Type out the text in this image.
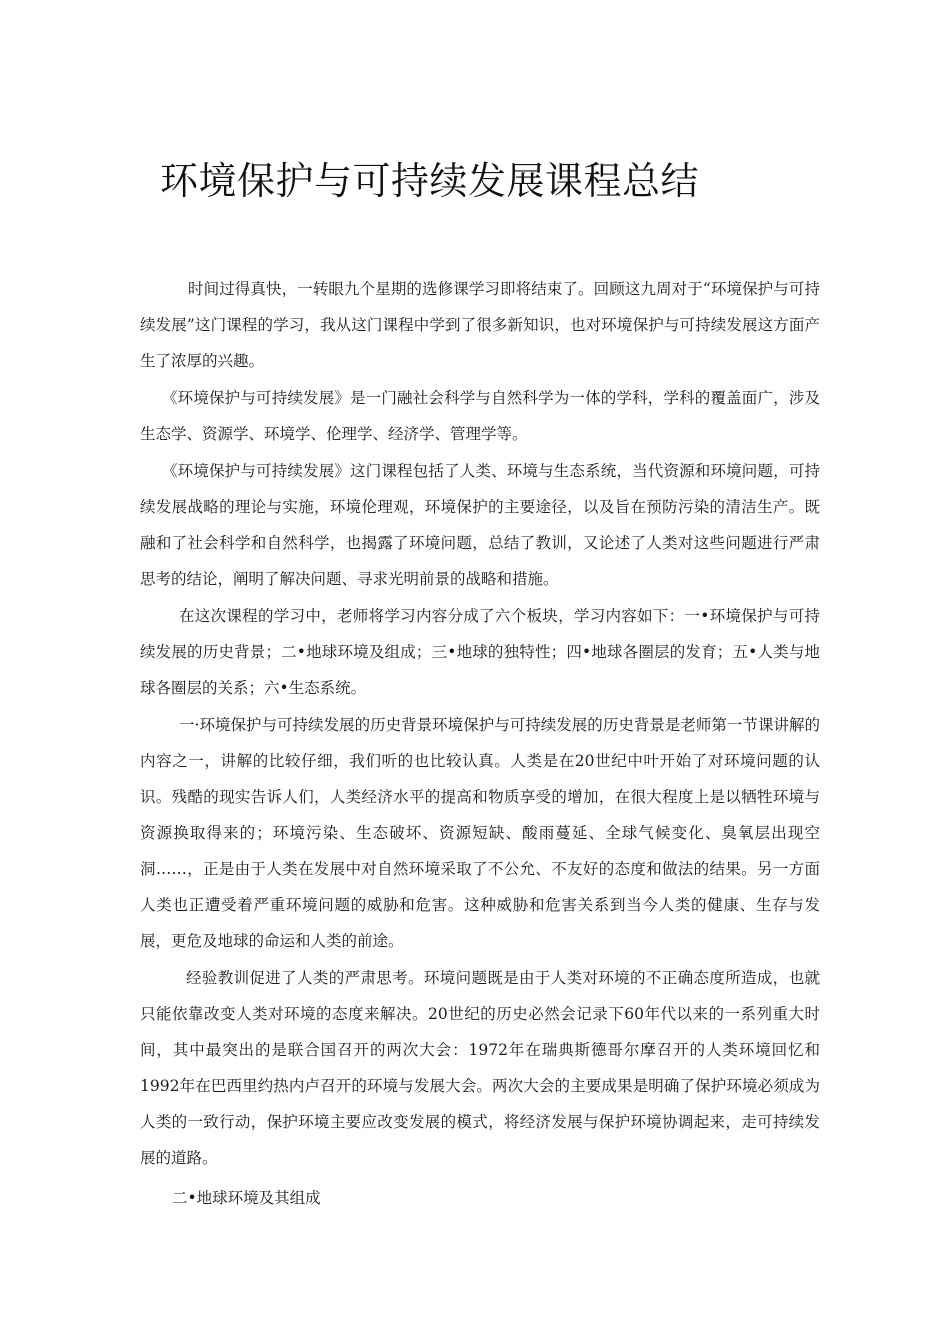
环境保护与可持续发展课程总结

时间过得真快，一转眼九个星期的选修课学习即将结束了。回顾这九周对于“环境保护与可持续发展”这门课程的学习，我从这门课程中学到了很多新知识，也对环境保护与可持续发展这方面产生了浓厚的兴趣。

《环境保护与可持续发展》是一门融社会科学与自然科学为一体的学科，学科的覆盖面广，涉及生态学、资源学、环境学、伦理学、经济学、管理学等。

《环境保护与可持续发展》这门课程包括了人类、环境与生态系统，当代资源和环境问题，可持续发展战略的理论与实施，环境伦理观，环境保护的主要途径，以及旨在预防污染的清洁生产。既融和了社会科学和自然科学，也揭露了环境问题，总结了教训，又论述了人类对这些问题进行严肃思考的结论，阐明了解决问题、寻求光明前景的战略和措施。

在这次课程的学习中，老师将学习内容分成了六个板块，学习内容如下：一•环境保护与可持续发展的历史背景；二•地球环境及组成；三•地球的独特性；四•地球各圈层的发育；五•人类与地球各圈层的关系；六•生态系统。

一·环境保护与可持续发展的历史背景环境保护与可持续发展的历史背景是老师第一节课讲解的内容之一，讲解的比较仔细，我们听的也比较认真。人类是在20世纪中叶开始了对环境问题的认识。残酷的现实告诉人们，人类经济水平的提高和物质享受的增加，在很大程度上是以牺牲环境与资源换取得来的；环境污染、生态破坏、资源短缺、酸雨蔓延、全球气候变化、臭氧层出现空洞……，正是由于人类在发展中对自然环境采取了不公允、不友好的态度和做法的结果。另一方面人类也正遭受着严重环境问题的威胁和危害。这种威胁和危害关系到当今人类的健康、生存与发展，更危及地球的命运和人类的前途。

经验教训促进了人类的严肃思考。环境问题既是由于人类对环境的不正确态度所造成，也就只能依靠改变人类对环境的态度来解决。20世纪的历史必然会记录下60年代以来的一系列重大时间，其中最突出的是联合国召开的两次大会：1972年在瑞典斯德哥尔摩召开的人类环境回忆和1992年在巴西里约热内卢召开的环境与发展大会。两次大会的主要成果是明确了保护环境必须成为人类的一致行动，保护环境主要应改变发展的模式，将经济发展与保护环境协调起来，走可持续发展的道路。

二•地球环境及其组成
